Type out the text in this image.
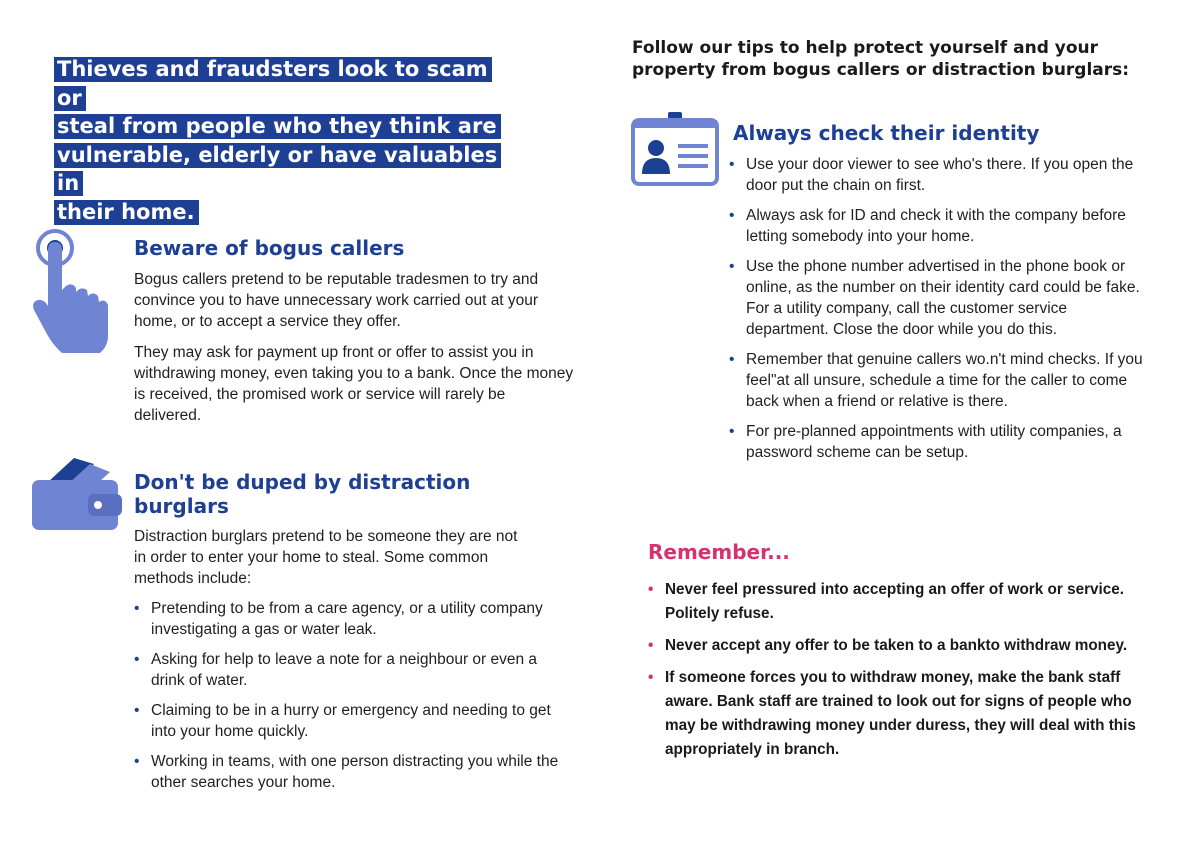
Thieves and fraudsters look to scam or
steal from people who they think are
vulnerable, elderly or have valuables in
their home.

Beware of bogus callers

Bogus callers pretend to be reputable tradesmen to try and convince you to have unnecessary work carried out at your home, or to accept a service they offer.

They may ask for payment up front or offer to assist you in withdrawing money, even taking you to a bank. Once the money is received, the promised work or service will rarely be delivered.

Don't be duped by distraction burglars

Distraction burglars pretend to be someone they are not in order to enter your home to steal. Some common methods include:

• Pretending to be from a care agency, or a utility company investigating a gas or water leak.
• Asking for help to leave a note for a neighbour or even a drink of water.
• Claiming to be in a hurry or emergency and needing to get into your home quickly.
• Working in teams, with one person distracting you while the other searches your home.

Follow our tips to help protect yourself and your property from bogus callers or distraction burglars:

Always check their identity
• Use your door viewer to see who's there. If you open the door put the chain on first.
• Always ask for ID and check it with the company before letting somebody into your home.
• Use the phone number advertised in the phone book or online, as the number on their identity card could be fake. For a utility company, call the customer service department. Close the door while you do this.
• Remember that genuine callers wo.n't mind checks. If you feel"at all unsure, schedule a time for the caller to come back when a friend or relative is there.
• For pre-planned appointments with utility companies, a password scheme can be setup.
Remember...
• Never feel pressured into accepting an offer of work or service. Politely refuse.
• Never accept any offer to be taken to a bankto withdraw money.
• If someone forces you to withdraw money, make the bank staff aware. Bank staff are trained to look out for signs of people who may be withdrawing money under duress, they will deal with this appropriately in branch.
